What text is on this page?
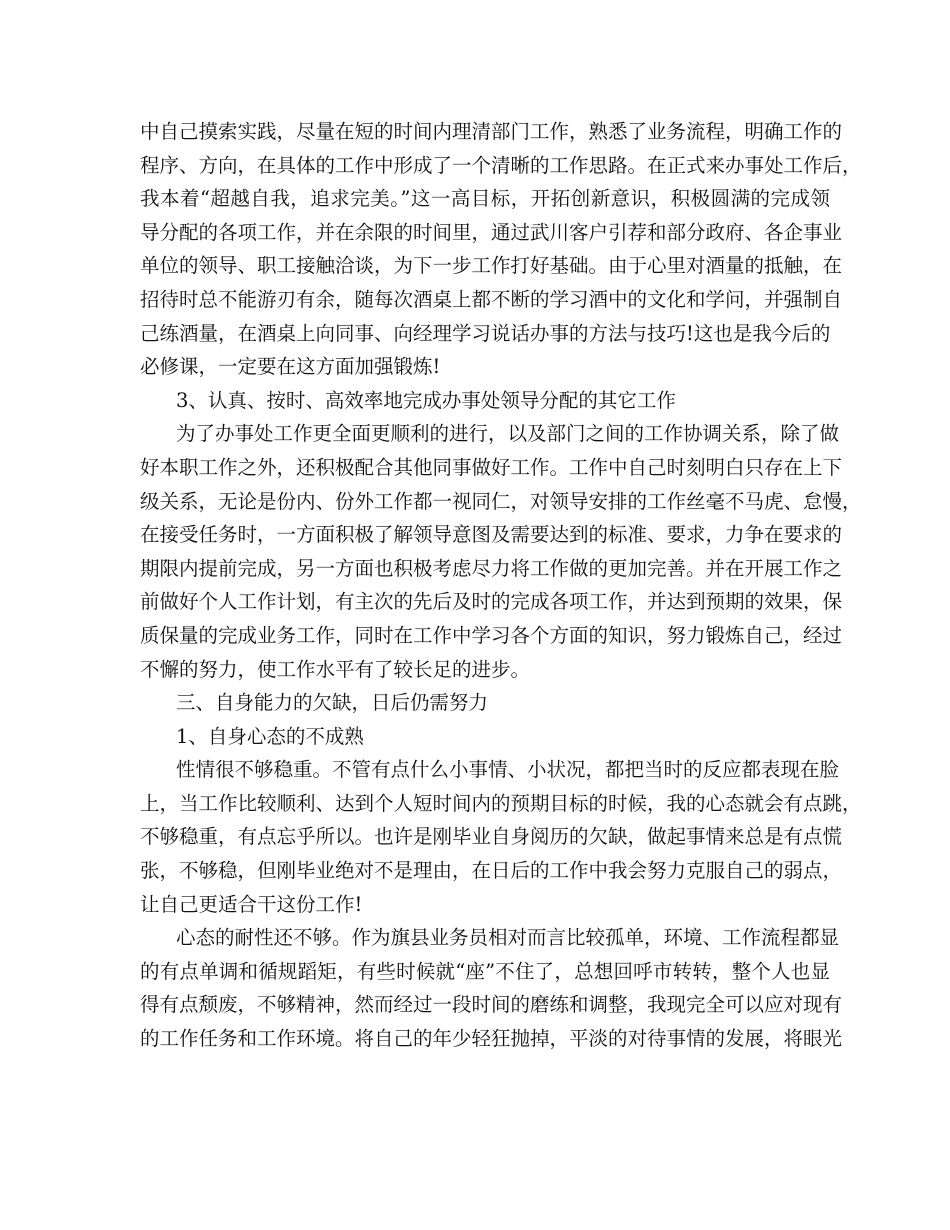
中自己摸索实践，尽量在短的时间内理清部门工作，熟悉了业务流程，明确工作的
程序、方向，在具体的工作中形成了一个清晰的工作思路。在正式来办事处工作后，
我本着“超越自我，追求完美。”这一高目标，开拓创新意识，积极圆满的完成领
导分配的各项工作，并在余限的时间里，通过武川客户引荐和部分政府、各企事业
单位的领导、职工接触洽谈，为下一步工作打好基础。由于心里对酒量的抵触，在
招待时总不能游刃有余，随每次酒桌上都不断的学习酒中的文化和学问，并强制自
己练酒量，在酒桌上向同事、向经理学习说话办事的方法与技巧!这也是我今后的
必修课，一定要在这方面加强锻炼!
3、认真、按时、高效率地完成办事处领导分配的其它工作
为了办事处工作更全面更顺利的进行，以及部门之间的工作协调关系，除了做
好本职工作之外，还积极配合其他同事做好工作。工作中自己时刻明白只存在上下
级关系，无论是份内、份外工作都一视同仁，对领导安排的工作丝毫不马虎、怠慢，
在接受任务时，一方面积极了解领导意图及需要达到的标准、要求，力争在要求的
期限内提前完成，另一方面也积极考虑尽力将工作做的更加完善。并在开展工作之
前做好个人工作计划，有主次的先后及时的完成各项工作，并达到预期的效果，保
质保量的完成业务工作，同时在工作中学习各个方面的知识，努力锻炼自己，经过
不懈的努力，使工作水平有了较长足的进步。
三、自身能力的欠缺，日后仍需努力
1、自身心态的不成熟
性情很不够稳重。不管有点什么小事情、小状况，都把当时的反应都表现在脸
上，当工作比较顺利、达到个人短时间内的预期目标的时候，我的心态就会有点跳，
不够稳重，有点忘乎所以。也许是刚毕业自身阅历的欠缺，做起事情来总是有点慌
张，不够稳，但刚毕业绝对不是理由，在日后的工作中我会努力克服自己的弱点，
让自己更适合干这份工作!
心态的耐性还不够。作为旗县业务员相对而言比较孤单，环境、工作流程都显
的有点单调和循规蹈矩，有些时候就“座”不住了，总想回呼市转转，整个人也显
得有点颓废，不够精神，然而经过一段时间的磨练和调整，我现完全可以应对现有
的工作任务和工作环境。将自己的年少轻狂抛掉，平淡的对待事情的发展，将眼光
